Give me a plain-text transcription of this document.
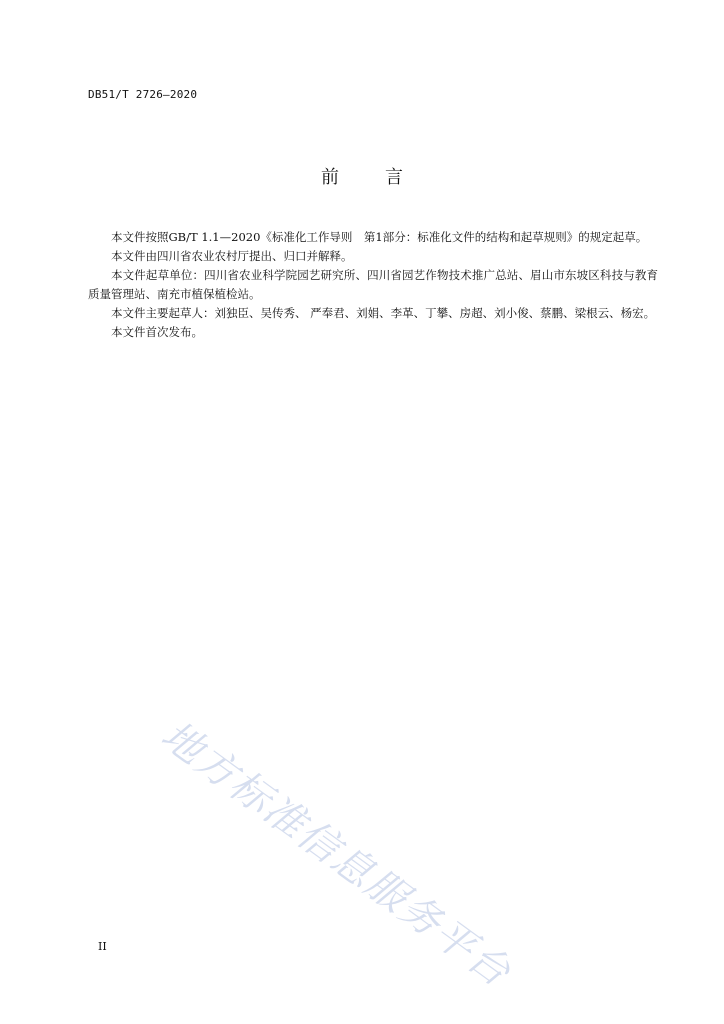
DB51/T 2726—2020
前	言

本文件按照GB/T 1.1—2020《标准化工作导则　第1部分：标准化文件的结构和起草规则》的规定起草。

本文件由四川省农业农村厅提出、归口并解释。

本文件起草单位：四川省农业科学院园艺研究所、四川省园艺作物技术推广总站、眉山市东坡区科技与教育质量管理站、南充市植保植检站。

本文件主要起草人：刘独臣、吴传秀、 严奉君、刘娟、李革、丁攀、房超、刘小俊、蔡鹏、梁根云、杨宏。

本文件首次发布。

地方标准信息服务平台
II
